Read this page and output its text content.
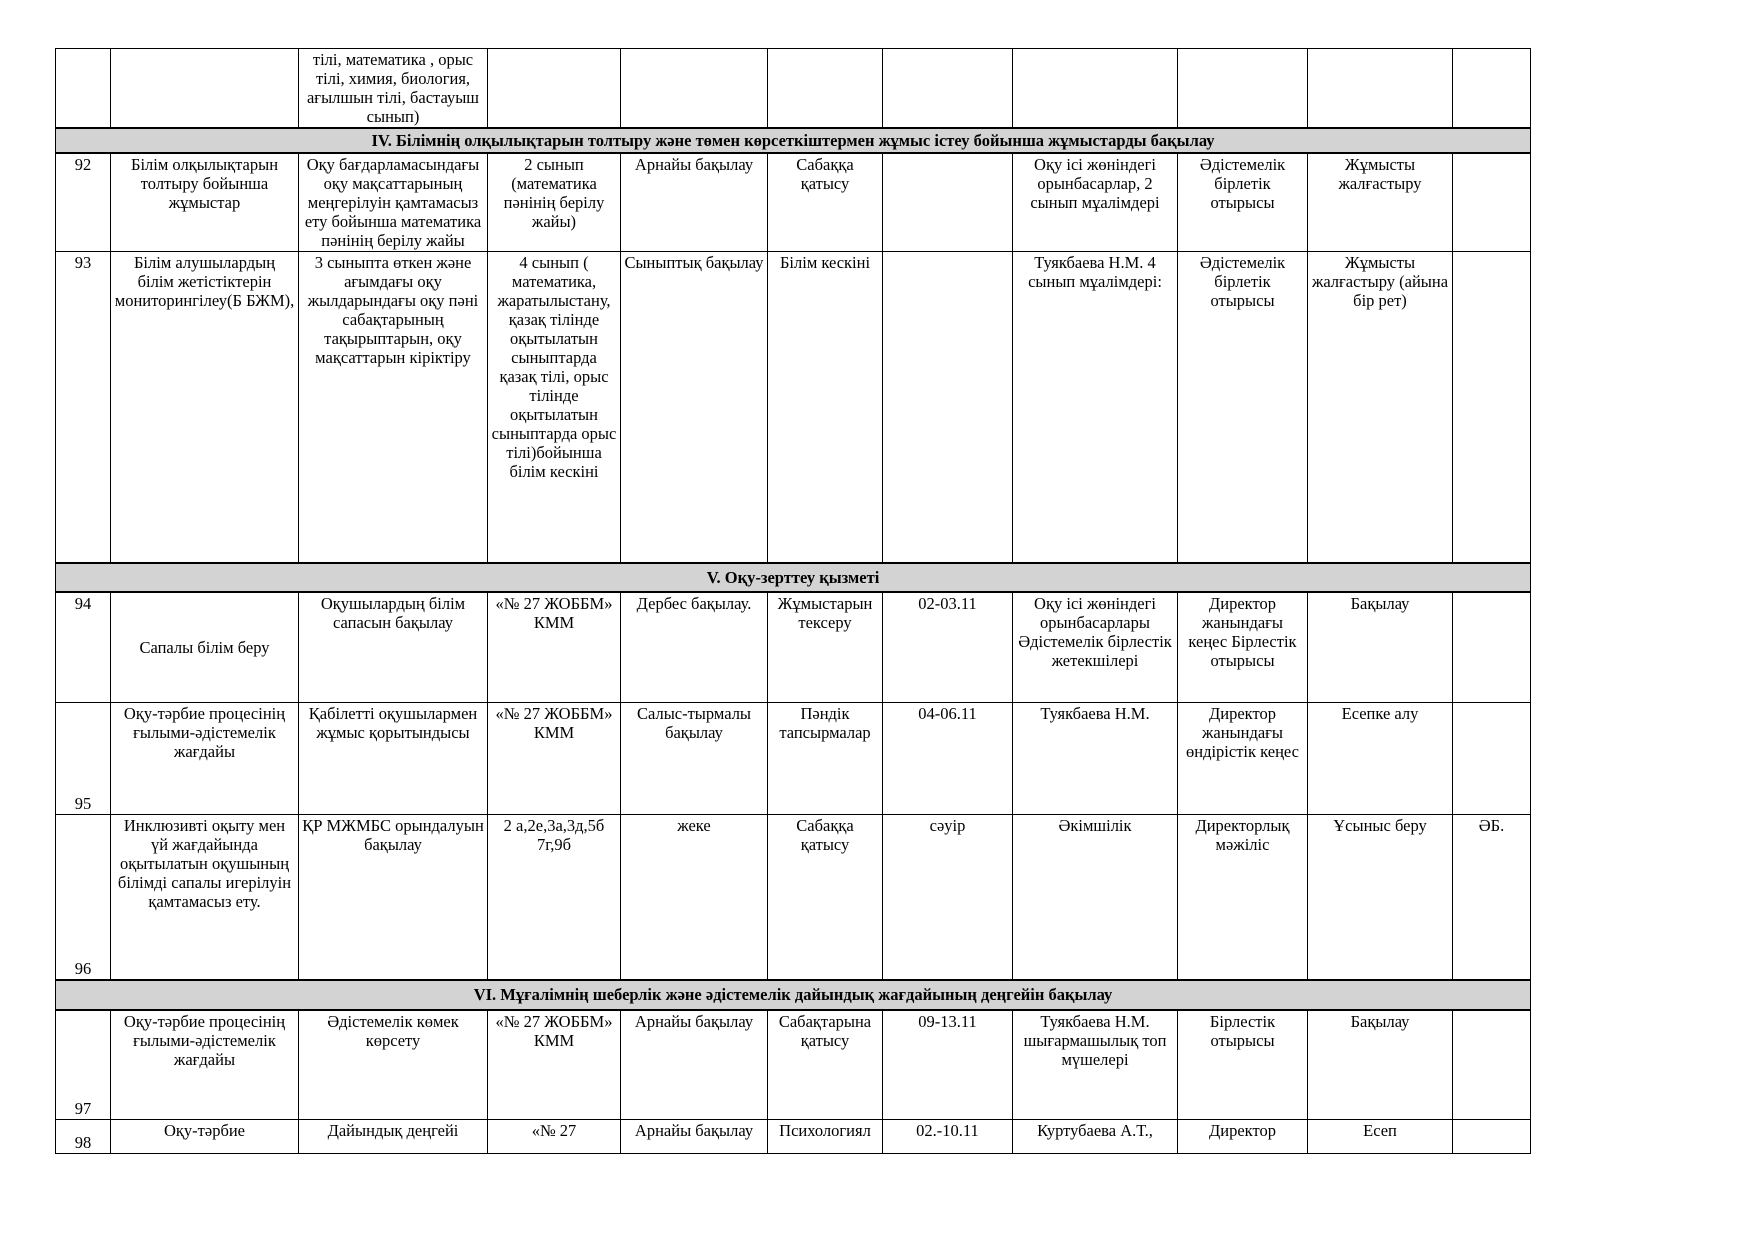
		тілі, математика , орыс тілі, химия, биология, ағылшын тілі, бастауыш сынып)								
IV. Білімнің олқылықтарын толтыру және төмен көрсеткіштермен жұмыс істеу бойынша жұмыстарды бақылау										
92	Білім олқылықтарын толтыру бойынша жұмыстар	Оқу бағдарламасындағы оқу мақсаттарының меңгерілуін қамтамасыз ету бойынша математика пәнінің берілу жайы	2 сынып (математика пәнінің берілу жайы)	Арнайы бақылау	Сабаққа қатысу		Оқу ісі жөніндегі орынбасарлар, 2 сынып мұалімдері	Әдістемелік бірлетік отырысы	Жұмысты жалғастыру	
93	Білім алушылардың білім жетістіктерін мониторингілеу(Б БЖМ),	3 сыныпта өткен және ағымдағы оқу жылдарындағы оқу пәні сабақтарының тақырыптарын, оқу мақсаттарын кіріктіру	4 сынып ( математика, жаратылыстану, қазақ тілінде оқытылатын сыныптарда қазақ тілі, орыс тілінде оқытылатын сыныптарда орыс тілі)бойынша білім кескіні	Сыныптық бақылау	Білім кескіні		Туякбаева Н.М. 4 сынып мұалімдері:	Әдістемелік бірлетік отырысы	Жұмысты жалғастыру (айына бір рет)	
V. Оқу-зерттеу қызметі										
94	Сапалы білім беру	Оқушылардың білім сапасын бақылау	«№ 27 ЖОББМ» КММ	Дербес бақылау.	Жұмыстарын тексеру	02-03.11	Оқу ісі жөніндегі орынбасарлары Әдістемелік бірлестік жетекшілері	Директор жанындағы кеңес Бірлестік отырысы	Бақылау	
95	Оқу-тәрбие процесінің ғылыми-әдістемелік жағдайы	Қабілетті оқушылармен жұмыс қорытындысы	«№ 27 ЖОББМ» КММ	Салыс-тырмалы бақылау	Пәндік тапсырмалар	04-06.11	Туякбаева Н.М.	Директор жанындағы өндірістік кеңес	Есепке алу	
96	Инклюзивті оқыту мен үй жағдайында оқытылатын оқушының білімді сапалы игерілуін қамтамасыз ету.	ҚР МЖМБС орындалуын бақылау	2 а,2е,3а,3д,5б 7г,9б	жеке	Сабаққа қатысу	сәуір	Әкімшілік	Директорлық мәжіліс	Ұсыныс беру	ӘБ.
VI. Мұғалімнің шеберлік және әдістемелік дайындық жағдайының деңгейін бақылау										
97	Оқу-тәрбие процесінің ғылыми-әдістемелік жағдайы	Әдістемелік көмек көрсету	«№ 27 ЖОББМ» КММ	Арнайы бақылау	Сабақтарына қатысу	09-13.11	Туякбаева Н.М. шығармашылық топ мүшелері	Бірлестік отырысы	Бақылау	
98	Оқу-тәрбие	Дайындық деңгейі	«№ 27	Арнайы бақылау	Психологиял	02.-10.11	Куртубаева А.Т.,	Директор	Есеп	
